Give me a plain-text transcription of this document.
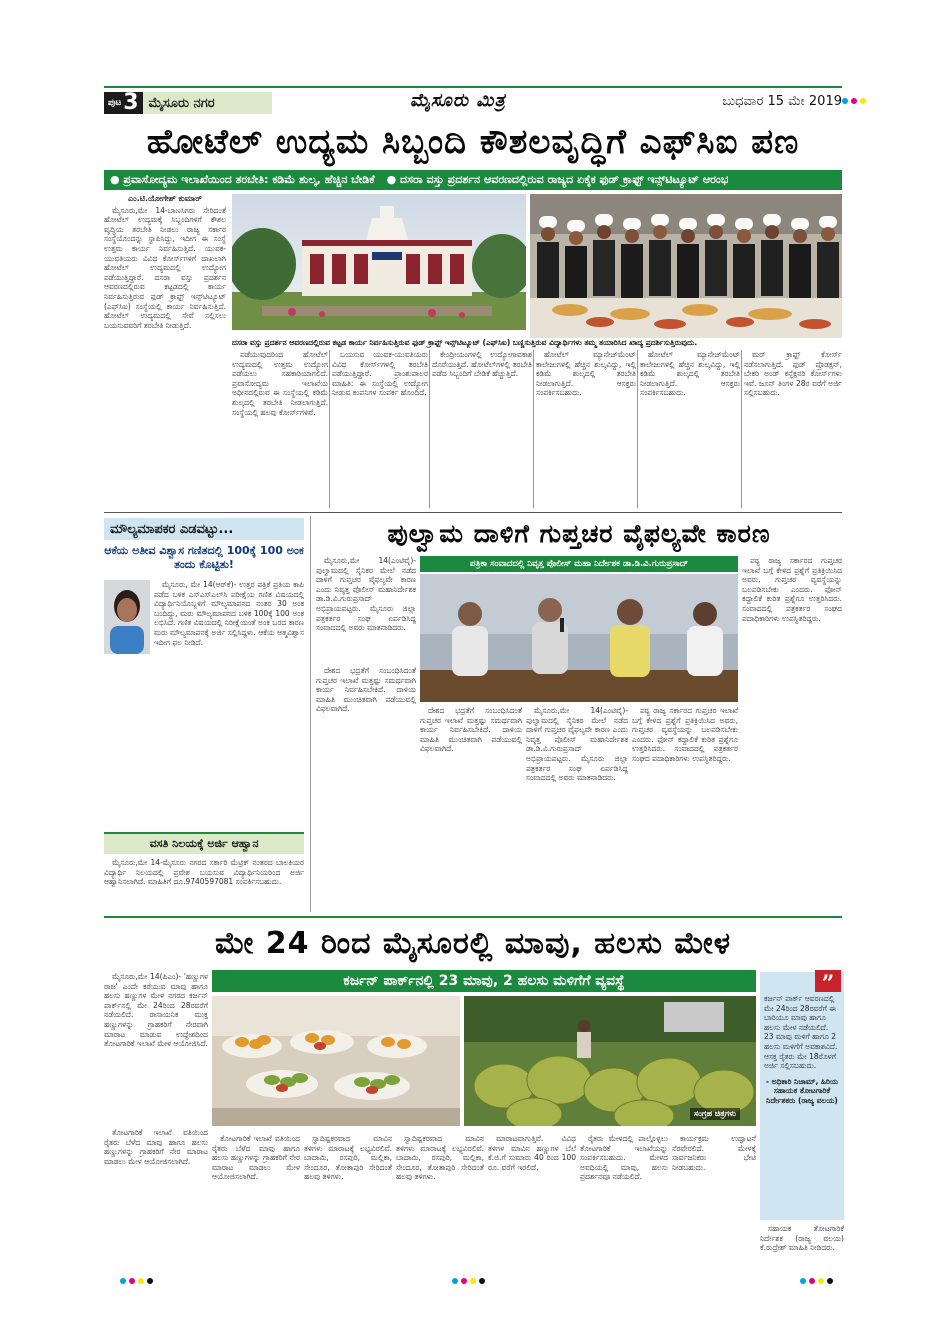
ಪುಟ 3 ಮೈಸೂರು ನಗರ	ಮೈಸೂರು ಮಿತ್ರ	ಬುಧವಾರ 15 ಮೇ 2019
ಹೋಟೆಲ್ ಉದ್ಯಮ ಸಿಬ್ಬಂದಿ ಕೌಶಲವೃದ್ಧಿಗೆ ಎಫ್‌ಸಿಐ ಪಣ
● ಪ್ರವಾಸೋದ್ಯಮ ಇಲಾಖೆಯಿಂದ ತರಬೇತಿ: ಕಡಿಮೆ ಶುಲ್ಕ, ಹೆಚ್ಚಿನ ಬೇಡಿಕೆ ● ದಸರಾ ವಸ್ತು ಪ್ರದರ್ಶನ ಆವರಣದಲ್ಲಿರುವ ರಾಜ್ಯದ ಏಕೈಕ ಫುಡ್ ಕ್ರಾಫ್ಟ್ ಇನ್ಸ್‌ಟಿಟ್ಯೂಟ್ ಆರಂಭ

ಎಂ.ಟಿ.ಯೋಗೇಶ್ ಕುಮಾರ್

ಮೈಸೂರು,ಮೇ 14-ಬಾಣಸಿಗರು ಸೇರಿದಂತೆ ಹೋಟೆಲ್ ಉದ್ಯಮಕ್ಕೆ ಸಿಬ್ಬಂದಿಗಳಿಗೆ ಕೌಶಲ ವೃದ್ಧಿಯ ತರಬೇತಿ ನೀಡಲು ರಾಜ್ಯ ಸರ್ಕಾರ ಸಂಸ್ಥೆಯೊಂದನ್ನು ಸ್ಥಾಪಿಸಿದ್ದು, ಇದೀಗ ಈ ಸಂಸ್ಥೆ ಉತ್ತಮ ಕಾರ್ಯ ನಿರ್ವಹಿಸುತ್ತಿದೆ. ಯುವಕ-ಯುವತಿಯರು ವಿವಿಧ ಕೋರ್ಸ್‌ಗಳಿಗೆ ದಾಖಲಾಗಿ ಹೋಟೆಲ್ ಉದ್ಯಮದಲ್ಲಿ ಉದ್ಯೋಗ ಪಡೆಯುತ್ತಿದ್ದಾರೆ. ದಸರಾ ವಸ್ತು ಪ್ರದರ್ಶನ ಆವರಣದಲ್ಲಿರುವ ಕಟ್ಟಡದಲ್ಲಿ ಕಾರ್ಯ ನಿರ್ವಹಿಸುತ್ತಿರುವ ಫುಡ್ ಕ್ರಾಫ್ಟ್ ಇನ್ಸ್‌ಟಿಟ್ಯೂಟ್ (ಎಫ್‌ಸಿಐ) ಸಂಸ್ಥೆಯಲ್ಲಿ ಕಾರ್ಯ ನಿರ್ವಹಿಸುತ್ತಿದೆ. ಹೋಟೆಲ್ ಉದ್ಯಮದಲ್ಲಿ ಸೇವೆ ಸಲ್ಲಿಸಲು ಬಯಸುವವರಿಗೆ ತರಬೇತಿ ನೀಡುತ್ತಿದೆ.

ದಸರಾ ವಸ್ತು ಪ್ರದರ್ಶನ ಆವರಣದಲ್ಲಿರುವ ಕಟ್ಟಡ ಕಾರ್ಯ ನಿರ್ವಹಿಸುತ್ತಿರುವ ಫುಡ್ ಕ್ರಾಫ್ಟ್ ಇನ್ಸ್‌ಟಿಟ್ಯೂಟ್ (ಎಫ್‌ಸಿಐ) ಬಣ್ಣಿಸುತ್ತಿರುವ ವಿದ್ಯಾರ್ಥಿಗಳು ತಮ್ಮ ತಯಾರಿಸಿದ ಖಾದ್ಯ ಪ್ರದರ್ಶಿಸುತ್ತಿರುವುದು.

ಪಡೆಯುವುದರಿಂದ ಹೋಟೆಲ್ ಉದ್ಯಮದಲ್ಲಿ ಉತ್ತಮ ಉದ್ಯೋಗ ಪಡೆಯಲು ಸಹಕಾರಿಯಾಗಲಿದೆ. ಪ್ರವಾಸೋದ್ಯಮ ಇಲಾಖೆಯ ಅಧೀನದಲ್ಲಿರುವ ಈ ಸಂಸ್ಥೆಯಲ್ಲಿ ಕಡಿಮೆ ಶುಲ್ಕದಲ್ಲಿ ತರಬೇತಿ ನೀಡಲಾಗುತ್ತಿದೆ. ಸಂಸ್ಥೆಯಲ್ಲಿ ಹಲವು ಕೋರ್ಸ್‌ಗಳಿವೆ.

ಬಯಸುವ ಯುವಕ-ಯುವತಿಯರು ವಿವಿಧ ಕೋರ್ಸ್‌ಗಳಲ್ಲಿ ತರಬೇತಿ ಪಡೆಯುತ್ತಿದ್ದಾರೆ. ಪ್ರಾಂಶುಪಾಲರ ಮಾಹಿತಿ: ಈ ಸಂಸ್ಥೆಯಲ್ಲಿ ಉದ್ಯೋಗ ನೀಡುವ ಕಂಪನಿಗಳ ಸಂಪರ್ಕ ಹೊಂದಿದೆ.

ಕೇಂದ್ರೀಯಂಗಳಲ್ಲಿ ಉದ್ಯೋಗಾವಕಾಶ ದೊರೆಯುತ್ತಿದೆ. ಹೋಟೆಲ್‌ಗಳಲ್ಲಿ ತರಬೇತಿ ಪಡೆದ ಸಿಬ್ಬಂದಿಗೆ ಬೇಡಿಕೆ ಹೆಚ್ಚುತ್ತಿದೆ.

ಹೋಟೆಲ್ ಮ್ಯಾನೇಜ್‌ಮೆಂಟ್ ಕಾಲೇಜುಗಳಲ್ಲಿ ಹೆಚ್ಚಿನ ಶುಲ್ಕವಿದ್ದು, ಇಲ್ಲಿ ಕಡಿಮೆ ಶುಲ್ಕದಲ್ಲಿ ತರಬೇತಿ ನೀಡಲಾಗುತ್ತಿದೆ. ಆಸಕ್ತರು ಸಂಪರ್ಕಿಸಬಹುದು.

ಹೋಟೆಲ್ ಮ್ಯಾನೇಜ್‌ಮೆಂಟ್ ಕಾಲೇಜುಗಳಲ್ಲಿ ಹೆಚ್ಚಿನ ಶುಲ್ಕವಿದ್ದು, ಇಲ್ಲಿ ಕಡಿಮೆ ಶುಲ್ಕದಲ್ಲಿ ತರಬೇತಿ ನೀಡಲಾಗುತ್ತಿದೆ. ಆಸಕ್ತರು ಸಂಪರ್ಕಿಸಬಹುದು.

ಮರ್ ಕ್ರಾಫ್ಟ್ ಕೋರ್ಸ್ ನಡೆಸಲಾಗುತ್ತಿದೆ. ಫುಡ್ ಪ್ರೊಡಕ್ಷನ್, ಬೇಕರಿ ಅಂಡ್ ಕನ್ಫೆಕ್ಷನರಿ ಕೋರ್ಸ್‌ಗಳು ಇವೆ. ಜೂನ್ ತಿಂಗಳ 28ರ ವರೆಗೆ ಅರ್ಜಿ ಸಲ್ಲಿಸಬಹುದು.

ಮೌಲ್ಯಮಾಪಕರ ಎಡವಟ್ಟು...
ಆಕೆಯ ಅತೀವ ವಿಶ್ವಾಸ ಗಣಿತದಲ್ಲಿ 100ಕ್ಕೆ 100 ಅಂಕ ತಂದು ಕೊಟ್ಟಿತು!

ಮೈಸೂರು, ಮೇ 14(ಆರ್‌ಕೆ)- ಉತ್ತರ ಪತ್ರಿಕೆ ಪ್ರತಿಯ ಕಾಪಿ ಪಡೆದ ಬಳಿಕ ಎಸ್‌ಎಸ್‌ಎಲ್‌ಸಿ ಪರೀಕ್ಷೆಯ ಗಣಿತ ವಿಷಯದಲ್ಲಿ ವಿದ್ಯಾರ್ಥಿನಿಯೊಬ್ಬಳಿಗೆ ಮೌಲ್ಯಮಾಪನದ ನಂತರ 30 ಅಂಕ ಬಂದಿದ್ದು, ಮರು ಮೌಲ್ಯಮಾಪನದ ಬಳಿಕ 100ಕ್ಕೆ 100 ಅಂಕ ಲಭಿಸಿದೆ. ಗಣಿತ ವಿಷಯದಲ್ಲಿ ನಿರೀಕ್ಷೆಯಂತೆ ಅಂಕ ಬರದ ಕಾರಣ ಮರು ಮೌಲ್ಯಮಾಪನಕ್ಕೆ ಅರ್ಜಿ ಸಲ್ಲಿಸಿದ್ದಳು. ಆಕೆಯ ಆತ್ಮವಿಶ್ವಾಸ ಇದೀಗ ಫಲ ನೀಡಿದೆ.

ಪುಲ್ವಾಮ ದಾಳಿಗೆ ಗುಪ್ತಚರ ವೈಫಲ್ಯವೇ ಕಾರಣ

ಮೈಸೂರು,ಮೇ 14(ಎಂಟಿವೈ)- ಪುಲ್ವಾಮದಲ್ಲಿ ಸೈನಿಕರ ಮೇಲೆ ನಡೆದ ದಾಳಿಗೆ ಗುಪ್ತಚರ ವೈಫಲ್ಯವೇ ಕಾರಣ ಎಂದು ನಿವೃತ್ತ ಪೊಲೀಸ್ ಮಹಾನಿರ್ದೇಶಕ ಡಾ.ಡಿ.ವಿ.ಗುರುಪ್ರಸಾದ್ ಅಭಿಪ್ರಾಯಪಟ್ಟರು. ಮೈಸೂರು ಜಿಲ್ಲಾ ಪತ್ರಕರ್ತರ ಸಂಘ ಏರ್ಪಡಿಸಿದ್ದ ಸಂವಾದದಲ್ಲಿ ಅವರು ಮಾತನಾಡಿದರು.

ಪತ್ರಿಕಾ ಸಂವಾದದಲ್ಲಿ ನಿವೃತ್ತ ಪೊಲೀಸ್ ಮಹಾ ನಿರ್ದೇಶಕ ಡಾ.ಡಿ.ವಿ.ಗುರುಪ್ರಸಾದ್	ಪಠ್ಯ ರಾಜ್ಯ ಸರ್ಕಾರದ ಗುಪ್ತಚರ ಇಲಾಖೆ ಬಗ್ಗೆ ಕೇಳಿದ ಪ್ರಶ್ನೆಗೆ ಪ್ರತಿಕ್ರಿಯಿಸಿದ ಅವರು, ಗುಪ್ತಚರ ವ್ಯವಸ್ಥೆಯನ್ನು ಬಲಪಡಿಸಬೇಕು ಎಂದರು. ಫೋನ್ ಕದ್ದಾಲಿಕೆ ಕುರಿತ ಪ್ರಶ್ನೆಗೂ ಉತ್ತರಿಸಿದರು. ಸಂವಾದದಲ್ಲಿ ಪತ್ರಕರ್ತರ ಸಂಘದ ಪದಾಧಿಕಾರಿಗಳು ಉಪಸ್ಥಿತರಿದ್ದರು.

ದೇಶದ ಭದ್ರತೆಗೆ ಸಂಬಂಧಿಸಿದಂತೆ ಗುಪ್ತಚರ ಇಲಾಖೆ ಮತ್ತಷ್ಟು ಸಮರ್ಥವಾಗಿ ಕಾರ್ಯ ನಿರ್ವಹಿಸಬೇಕಿದೆ. ದಾಳಿಯ ಮಾಹಿತಿ ಮುಂಚಿತವಾಗಿ ಪಡೆಯುವಲ್ಲಿ ವಿಫಲವಾಗಿದೆ.	ದೇಶದ ಭದ್ರತೆಗೆ ಸಂಬಂಧಿಸಿದಂತೆ ಗುಪ್ತಚರ ಇಲಾಖೆ ಮತ್ತಷ್ಟು ಸಮರ್ಥವಾಗಿ ಕಾರ್ಯ ನಿರ್ವಹಿಸಬೇಕಿದೆ. ದಾಳಿಯ ಮಾಹಿತಿ ಮುಂಚಿತವಾಗಿ ಪಡೆಯುವಲ್ಲಿ ವಿಫಲವಾಗಿದೆ.

ಮೈಸೂರು,ಮೇ 14(ಎಂಟಿವೈ)- ಪುಲ್ವಾಮದಲ್ಲಿ ಸೈನಿಕರ ಮೇಲೆ ನಡೆದ ದಾಳಿಗೆ ಗುಪ್ತಚರ ವೈಫಲ್ಯವೇ ಕಾರಣ ಎಂದು ನಿವೃತ್ತ ಪೊಲೀಸ್ ಮಹಾನಿರ್ದೇಶಕ ಡಾ.ಡಿ.ವಿ.ಗುರುಪ್ರಸಾದ್ ಅಭಿಪ್ರಾಯಪಟ್ಟರು. ಮೈಸೂರು ಜಿಲ್ಲಾ ಪತ್ರಕರ್ತರ ಸಂಘ ಏರ್ಪಡಿಸಿದ್ದ ಸಂವಾದದಲ್ಲಿ ಅವರು ಮಾತನಾಡಿದರು.

ಪಠ್ಯ ರಾಜ್ಯ ಸರ್ಕಾರದ ಗುಪ್ತಚರ ಇಲಾಖೆ ಬಗ್ಗೆ ಕೇಳಿದ ಪ್ರಶ್ನೆಗೆ ಪ್ರತಿಕ್ರಿಯಿಸಿದ ಅವರು, ಗುಪ್ತಚರ ವ್ಯವಸ್ಥೆಯನ್ನು ಬಲಪಡಿಸಬೇಕು ಎಂದರು. ಫೋನ್ ಕದ್ದಾಲಿಕೆ ಕುರಿತ ಪ್ರಶ್ನೆಗೂ ಉತ್ತರಿಸಿದರು. ಸಂವಾದದಲ್ಲಿ ಪತ್ರಕರ್ತರ ಸಂಘದ ಪದಾಧಿಕಾರಿಗಳು ಉಪಸ್ಥಿತರಿದ್ದರು.

ವಸತಿ ನಿಲಯಕ್ಕೆ ಅರ್ಜಿ ಆಹ್ವಾನ

ಮೈಸೂರು,ಮೇ 14-ಮೈಸೂರು ನಗರದ ಸರ್ಕಾರಿ ಮೆಟ್ರಿಕ್ ನಂತರದ ಬಾಲಕಿಯರ ವಿದ್ಯಾರ್ಥಿ ನಿಲಯದಲ್ಲಿ ಪ್ರವೇಶ ಬಯಸುವ ವಿದ್ಯಾರ್ಥಿನಿಯರಿಂದ ಅರ್ಜಿ ಆಹ್ವಾನಿಸಲಾಗಿದೆ. ಮಾಹಿತಿಗೆ ದೂ.9740597081 ಸಂಪರ್ಕಿಸಬಹುದು.

ಮೇ 24 ರಿಂದ ಮೈಸೂರಲ್ಲಿ ಮಾವು, ಹಲಸು ಮೇಳ

ಮೈಸೂರು,ಮೇ 14(ಪಿಎಂ)- 'ಹಣ್ಣುಗಳ ರಾಜ' ಎಂದೇ ಕರೆಯುವ ಮಾವು ಹಾಗೂ ಹಲಸು ಹಣ್ಣುಗಳ ಮೇಳ ನಗರದ ಕರ್ಜನ್ ಪಾರ್ಕ್‌ನಲ್ಲಿ ಮೇ 24ರಿಂದ 28ರವರೆಗೆ ನಡೆಯಲಿದೆ. ರಾಸಾಯನಿಕ ಮುಕ್ತ ಹಣ್ಣುಗಳನ್ನು ಗ್ರಾಹಕರಿಗೆ ನೇರವಾಗಿ ಮಾರಾಟ ಮಾಡುವ ಉದ್ದೇಶದಿಂದ ತೋಟಗಾರಿಕೆ ಇಲಾಖೆ ಮೇಳ ಆಯೋಜಿಸಿದೆ.

ಕರ್ಜನ್ ಪಾರ್ಕ್‌ನಲ್ಲಿ 23 ಮಾವು, 2 ಹಲಸು ಮಳಿಗೆಗೆ ವ್ಯವಸ್ಥೆ
ಸಂಗ್ರಹ ಚಿತ್ರಗಳು

ಕರ್ಜನ್ ಪಾರ್ಕ್ ಆವರಣದಲ್ಲಿ ಮೇ 24ರಿಂದ 28ರವರೆಗೆ ಈ ಬಾರಿಯೂ ಮಾವು ಹಾಗೂ ಹಲಸು ಮೇಳ ನಡೆಯಲಿದೆ. 23 ಮಾವು ಮಳಿಗೆ ಹಾಗೂ 2 ಹಲಸು ಮಳಿಗೆಗೆ ಅವಕಾಶವಿದೆ. ಆಸಕ್ತ ರೈತರು ಮೇ 18ರೊಳಗೆ ಅರ್ಜಿ ಸಲ್ಲಿಸಬಹುದು.

- ಅಧಿಕಾರಿ ನಿಜಾಮ್, ಹಿರಿಯ ಸಹಾಯಕ ತೋಟಗಾರಿಕೆ ನಿರ್ದೇಶಕರು (ರಾಜ್ಯ ವಲಯ)

”

ತೋಟಗಾರಿಕೆ ಇಲಾಖೆ ವತಿಯಿಂದ ರೈತರು ಬೆಳೆದ ಮಾವು ಹಾಗೂ ಹಲಸು ಹಣ್ಣುಗಳನ್ನು ಗ್ರಾಹಕರಿಗೆ ನೇರ ಮಾರಾಟ ಮಾಡಲು ಮೇಳ ಆಯೋಜಿಸಲಾಗಿದೆ.

ತೋಟಗಾರಿಕೆ ಇಲಾಖೆ ವತಿಯಿಂದ ರೈತರು ಬೆಳೆದ ಮಾವು ಹಾಗೂ ಹಲಸು ಹಣ್ಣುಗಳನ್ನು ಗ್ರಾಹಕರಿಗೆ ನೇರ ಮಾರಾಟ ಮಾಡಲು ಮೇಳ ಆಯೋಜಿಸಲಾಗಿದೆ.

ಸ್ವಾದಿಷ್ಟಕರವಾದ ಮಾವಿನ ತಳಿಗಳು ಮಾರಾಟಕ್ಕೆ ಲಭ್ಯವಿರಲಿವೆ. ಬಾದಾಮಿ, ರಸಪುರಿ, ಮಲ್ಲಿಕಾ, ಸೇಂದೂರ, ತೋತಾಪುರಿ ಸೇರಿದಂತೆ ಹಲವು ತಳಿಗಳು.

ಸ್ವಾದಿಷ್ಟಕರವಾದ ಮಾವಿನ ತಳಿಗಳು ಮಾರಾಟಕ್ಕೆ ಲಭ್ಯವಿರಲಿವೆ. ಬಾದಾಮಿ, ರಸಪುರಿ, ಮಲ್ಲಿಕಾ, ಸೇಂದೂರ, ತೋತಾಪುರಿ ಸೇರಿದಂತೆ ಹಲವು ತಳಿಗಳು.

ಮಾರಾಟವಾಗುತ್ತಿವೆ. ವಿವಿಧ ತಳಿಗಳ ಮಾವಿನ ಹಣ್ಣುಗಳ ಬೆಲೆ ಕೆ.ಜಿ.ಗೆ ಸುಮಾರು 40 ರಿಂದ 100 ರೂ. ವರೆಗೆ ಇರಲಿದೆ.

ರೈತರು ಮೇಳದಲ್ಲಿ ಪಾಲ್ಗೊಳ್ಳಲು ತೋಟಗಾರಿಕೆ ಇಲಾಖೆಯನ್ನು ಸಂಪರ್ಕಿಸಬಹುದು. ಮೇಳದ ಅವಧಿಯಲ್ಲಿ ಮಾವು, ಹಲಸು ಪ್ರದರ್ಶನವೂ ನಡೆಯಲಿದೆ.

ಕಾರ್ಯಕ್ರಮ ಉದ್ಘಾಟನೆ ನೆರವೇರಲಿದೆ. ಮೇಳಕ್ಕೆ ಸಾರ್ವಜನಿಕರು ಭೇಟಿ ನೀಡಬಹುದು.

ಸಹಾಯಕ ತೋಟಗಾರಿಕೆ ನಿರ್ದೇಶಕ (ರಾಜ್ಯ ವಲಯ) ಕೆ.ರುದ್ರೇಶ್ ಮಾಹಿತಿ ನೀಡಿದರು.
